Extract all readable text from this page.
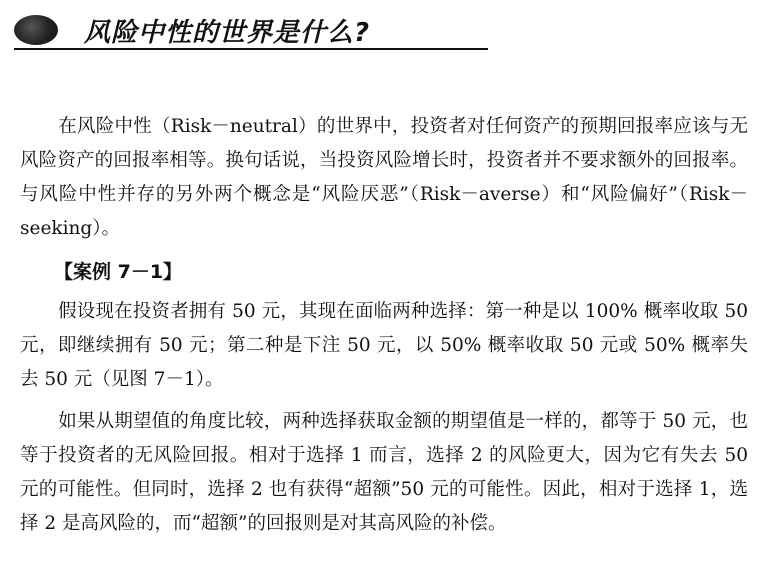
风险中性的世界是什么?

在风险中性（Risk－neutral）的世界中，投资者对任何资产的预期回报率应该与无风险资产的回报率相等。换句话说，当投资风险增长时，投资者并不要求额外的回报率。与风险中性并存的另外两个概念是“风险厌恶”（Risk－averse）和“风险偏好”（Risk－seeking）。

【案例 7－1】

假设现在投资者拥有 50 元，其现在面临两种选择：第一种是以 100% 概率收取 50 元，即继续拥有 50 元；第二种是下注 50 元，以 50% 概率收取 50 元或 50% 概率失去 50 元（见图 7－1）。

如果从期望值的角度比较，两种选择获取金额的期望值是一样的，都等于 50 元，也等于投资者的无风险回报。相对于选择 1 而言，选择 2 的风险更大，因为它有失去 50 元的可能性。但同时，选择 2 也有获得“超额”50 元的可能性。因此，相对于选择 1，选择 2 是高风险的，而“超额”的回报则是对其高风险的补偿。
